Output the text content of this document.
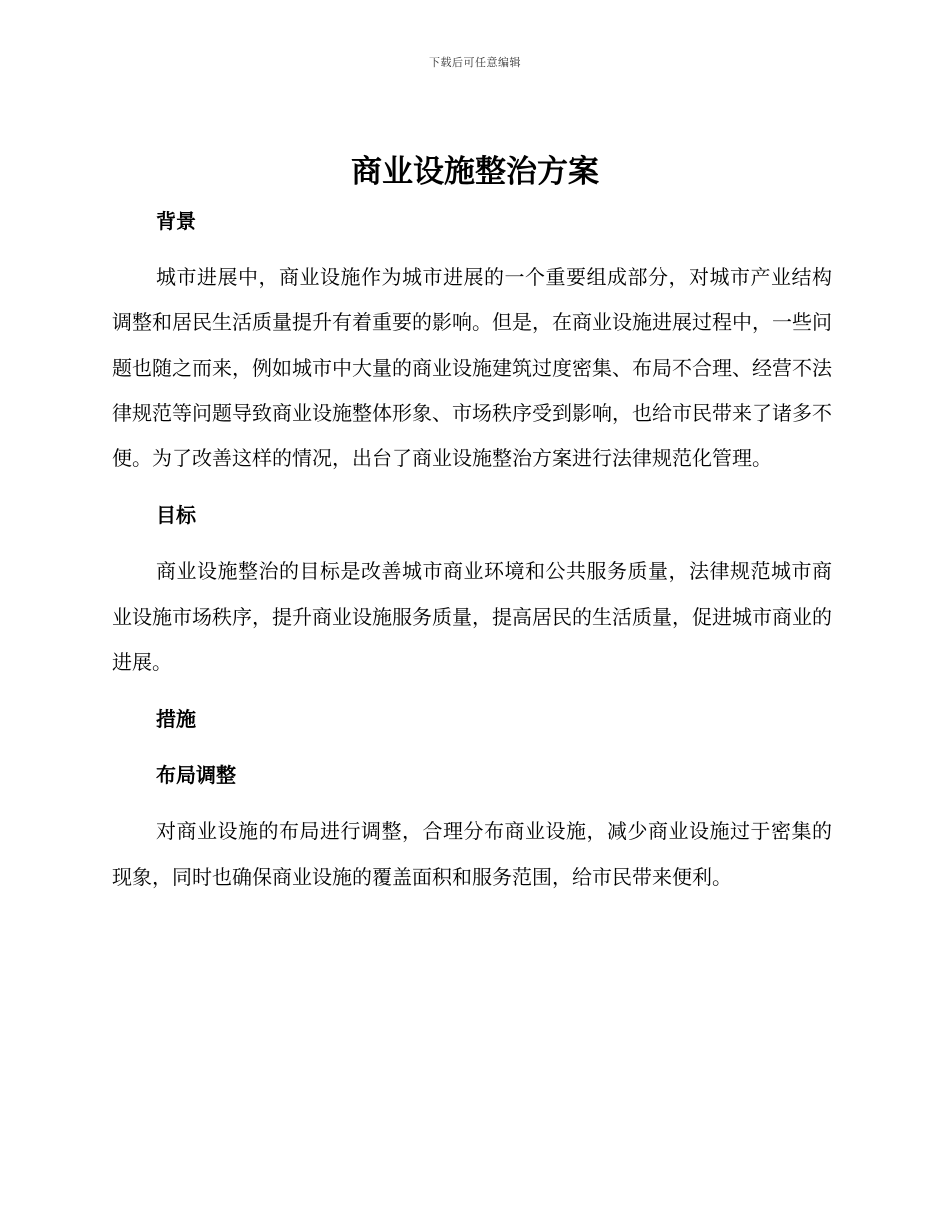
下载后可任意编辑
商业设施整治方案
背景

城市进展中，商业设施作为城市进展的一个重要组成部分，对城市产业结构调整和居民生活质量提升有着重要的影响。但是，在商业设施进展过程中，一些问题也随之而来，例如城市中大量的商业设施建筑过度密集、布局不合理、经营不法律规范等问题导致商业设施整体形象、市场秩序受到影响，也给市民带来了诸多不便。为了改善这样的情况，出台了商业设施整治方案进行法律规范化管理。

目标

商业设施整治的目标是改善城市商业环境和公共服务质量，法律规范城市商业设施市场秩序，提升商业设施服务质量，提高居民的生活质量，促进城市商业的进展。

措施
布局调整

对商业设施的布局进行调整，合理分布商业设施，减少商业设施过于密集的现象，同时也确保商业设施的覆盖面积和服务范围，给市民带来便利。
